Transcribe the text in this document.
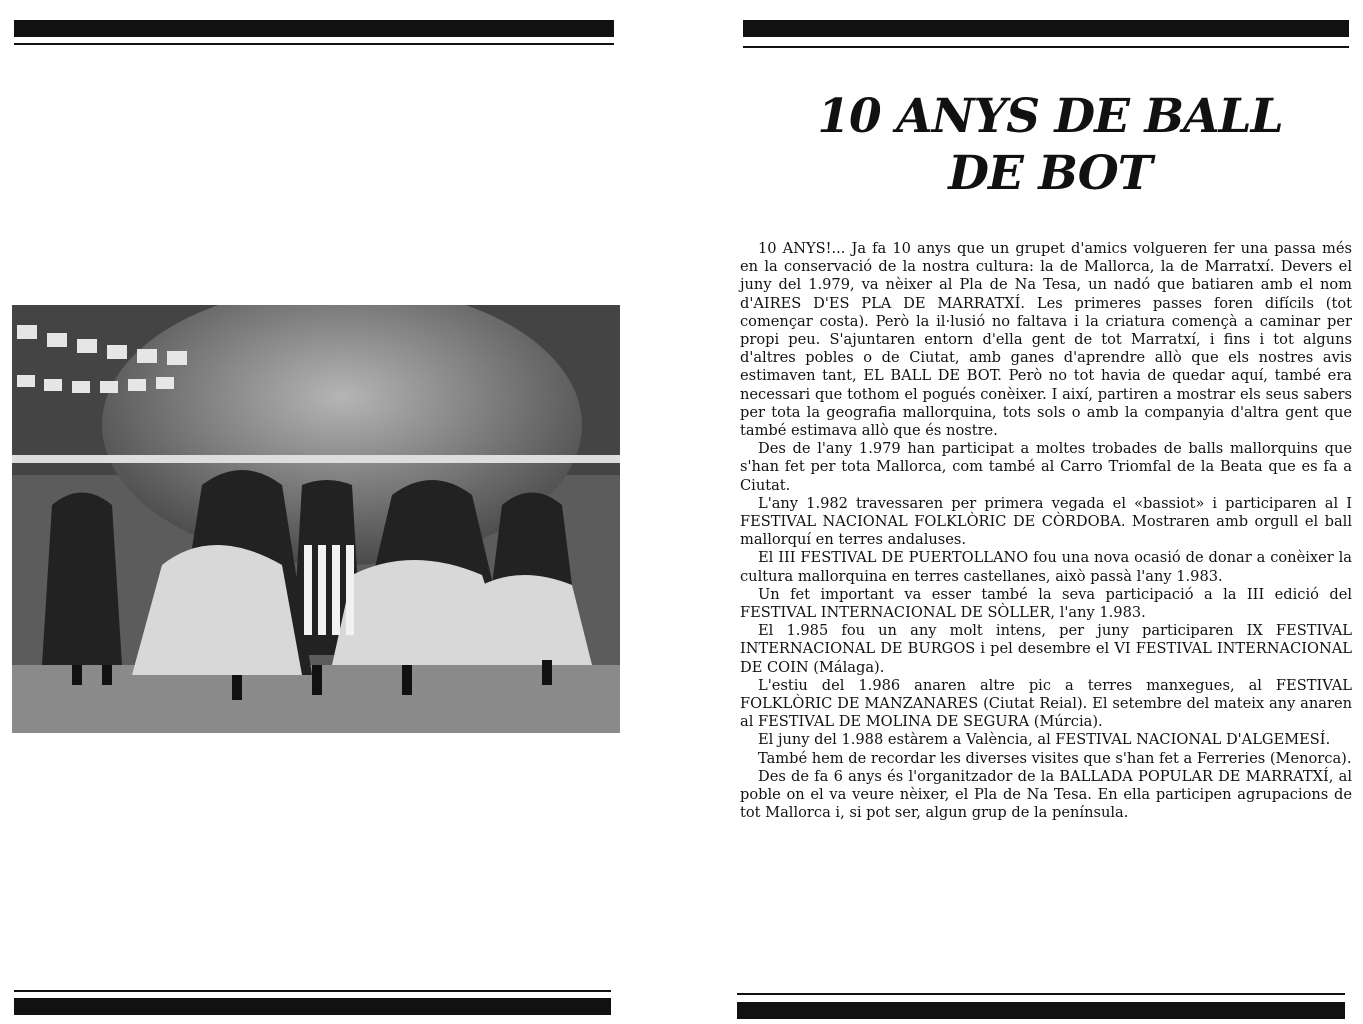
10 ANYS DE BALL
DE BOT

10 ANYS!... Ja fa 10 anys que un grupet d'amics volgueren fer una passa més en la conservació de la nostra cultura: la de Mallorca, la de Marratxí. Devers el juny del 1.979, va nèixer al Pla de Na Tesa, un nadó que batiaren amb el nom d'AIRES D'ES PLA DE MARRATXÍ. Les primeres passes foren difícils (tot començar costa). Però la il·lusió no faltava i la criatura començà a caminar per propi peu. S'ajuntaren entorn d'ella gent de tot Marratxí, i fins i tot alguns d'altres pobles o de Ciutat, amb ganes d'aprendre allò que els nostres avis estimaven tant, EL BALL DE BOT. Però no tot havia de quedar aquí, també era necessari que tothom el pogués conèixer. I així, partiren a mostrar els seus sabers per tota la geografia mallorquina, tots sols o amb la companyia d'altra gent que també estimava allò que és nostre.

Des de l'any 1.979 han participat a moltes trobades de balls mallorquins que s'han fet per tota Mallorca, com també al Carro Triomfal de la Beata que es fa a Ciutat.

L'any 1.982 travessaren per primera vegada el «bassiot» i participaren al I FESTIVAL NACIONAL FOLKLÒRIC DE CÒRDOBA. Mostraren amb orgull el ball mallorquí en terres andaluses.

El III FESTIVAL DE PUERTOLLANO fou una nova ocasió de donar a conèixer la cultura mallorquina en terres castellanes, això passà l'any 1.983.

Un fet important va esser també la seva participació a la III edició del FESTIVAL INTERNACIONAL DE SÒLLER, l'any 1.983.

El 1.985 fou un any molt intens, per juny participaren IX FESTIVAL INTERNACIONAL DE BURGOS i pel desembre el VI FESTIVAL INTERNACIONAL DE COIN (Málaga).

L'estiu del 1.986 anaren altre pic a terres manxegues, al FESTIVAL FOLKLÒRIC DE MANZANARES (Ciutat Reial). El setembre del mateix any anaren al FESTIVAL DE MOLINA DE SEGURA (Múrcia).

El juny del 1.988 estàrem a València, al FESTIVAL NACIONAL D'ALGEMESÍ.

També hem de recordar les diverses visites que s'han fet a Ferreries (Menorca).

Des de fa 6 anys és l'organitzador de la BALLADA POPULAR DE MARRATXÍ, al poble on el va veure nèixer, el Pla de Na Tesa. En ella participen agrupacions de tot Mallorca i, si pot ser, algun grup de la península.
